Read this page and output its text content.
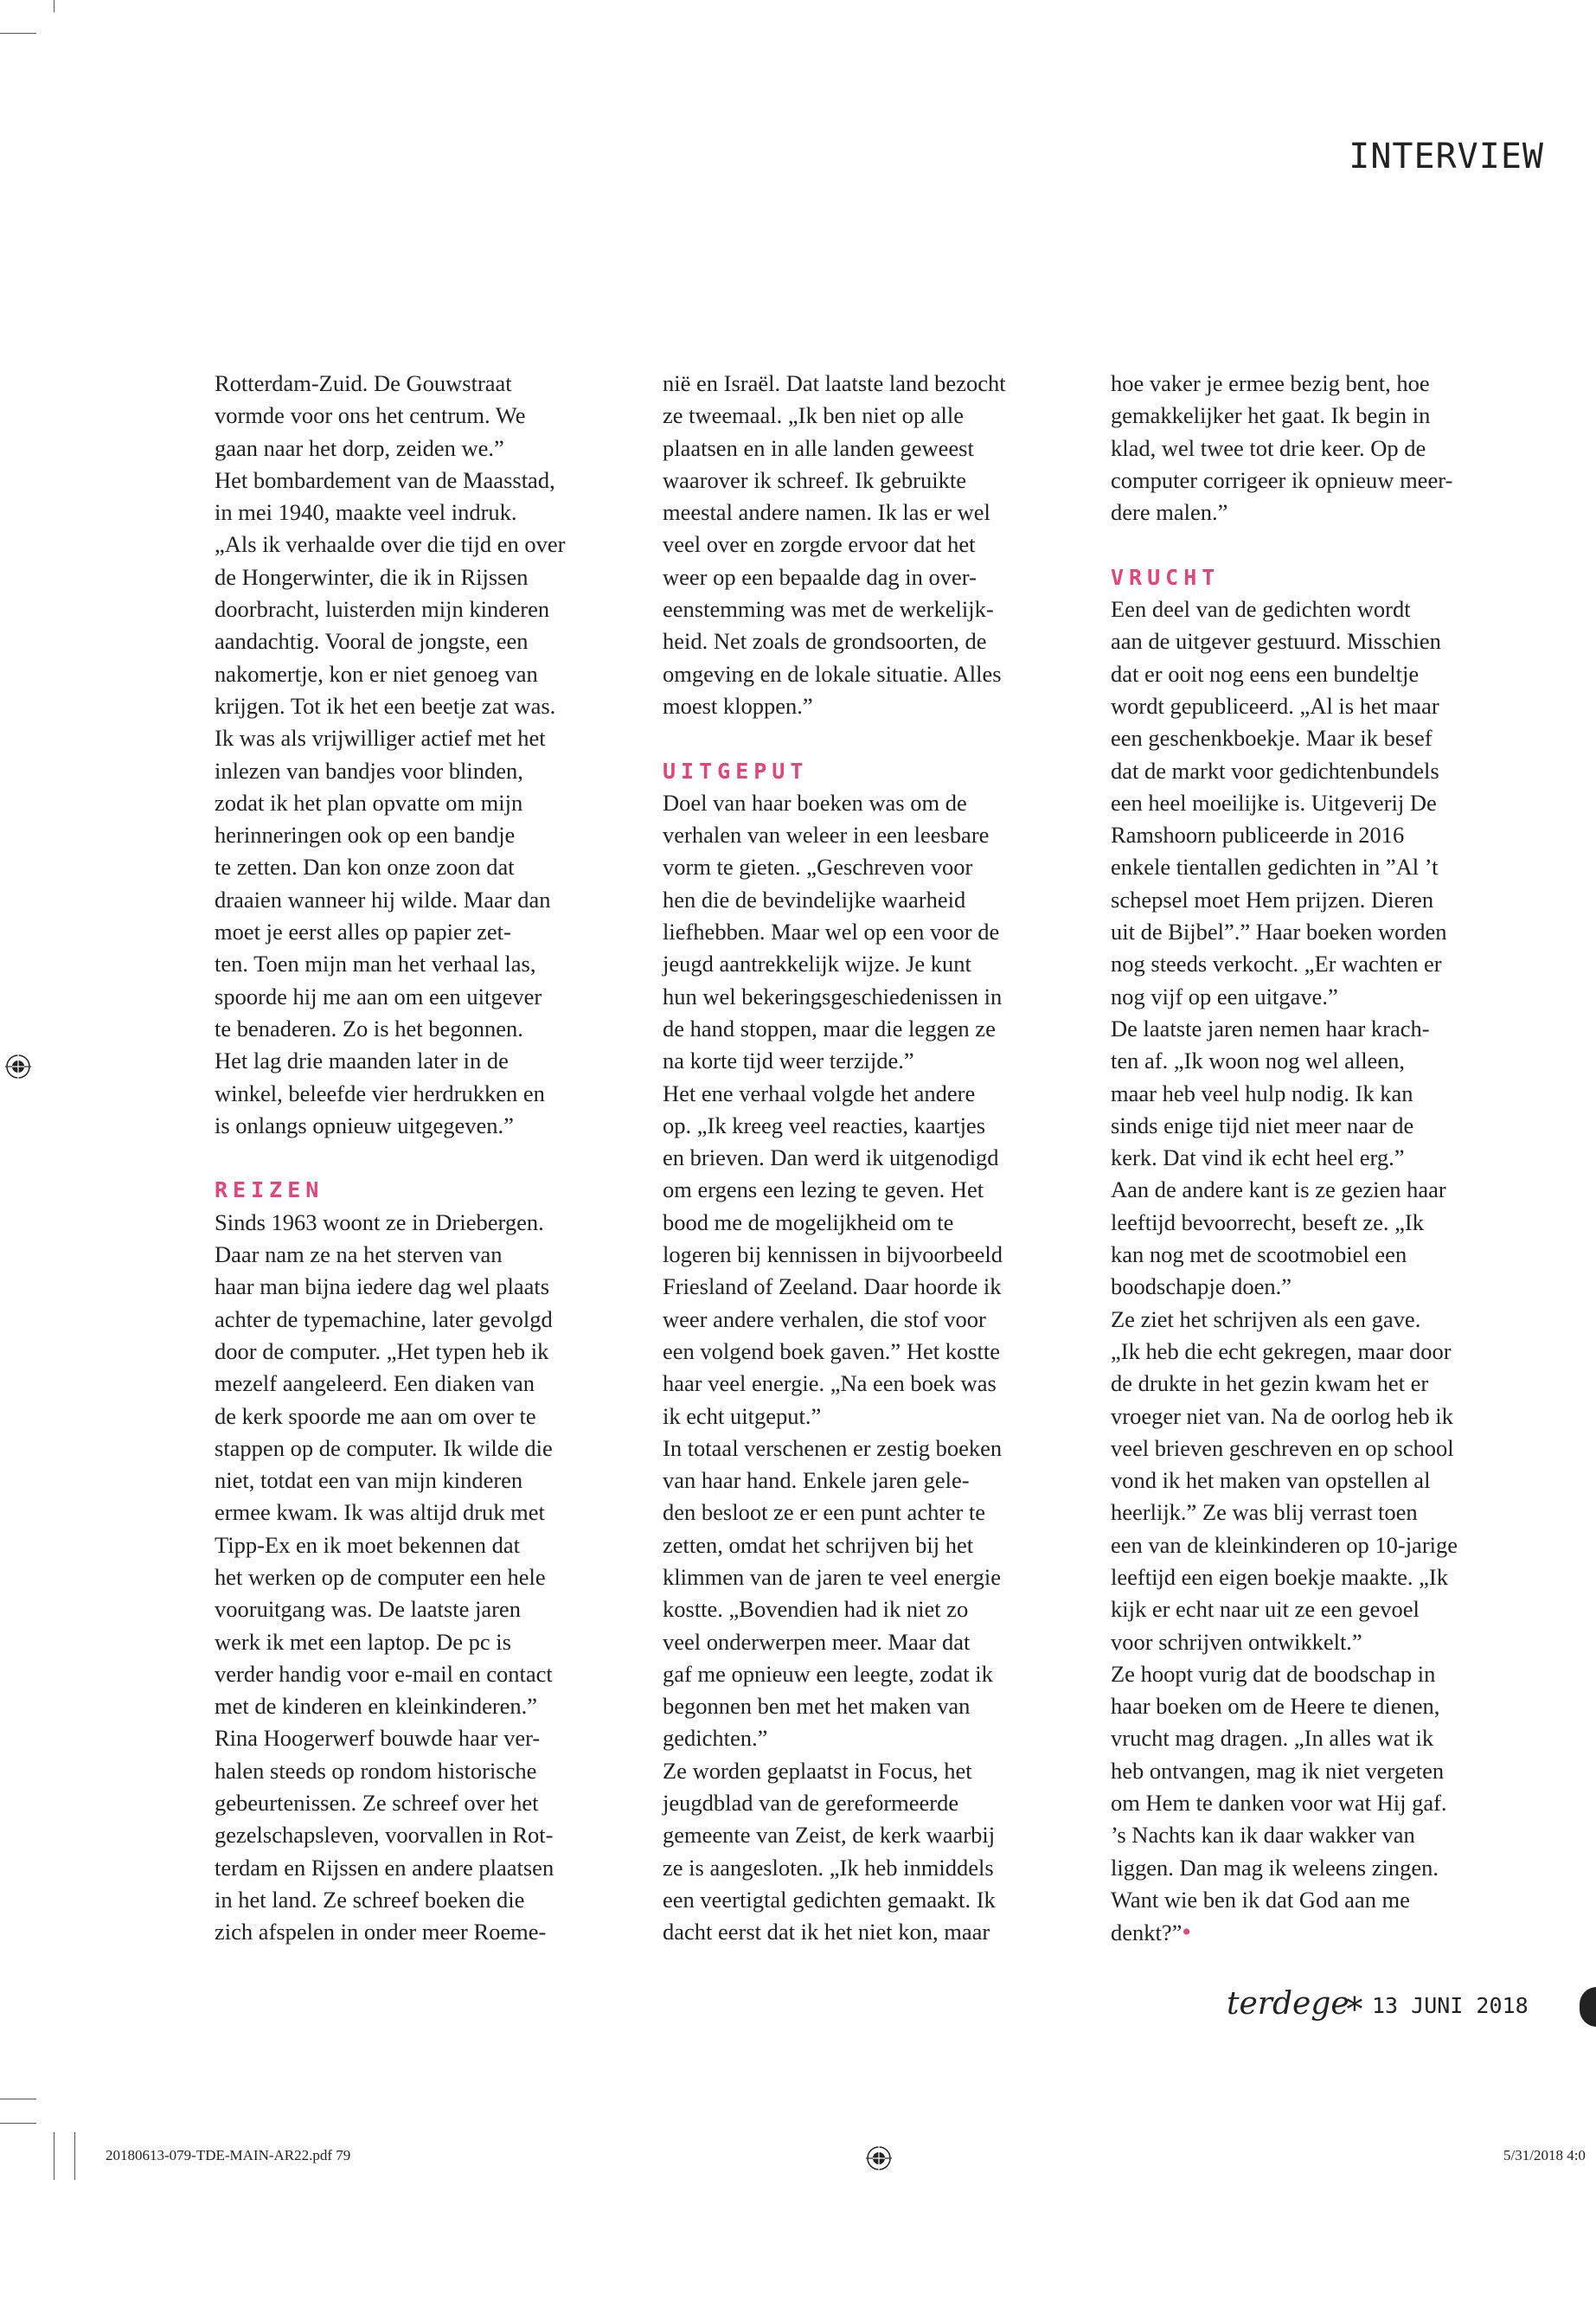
INTERVIEW
Rotterdam-Zuid. De Gouwstraat
vormde voor ons het centrum. We
gaan naar het dorp, zeiden we.”
Het bombardement van de Maasstad,
in mei 1940, maakte veel indruk.
„Als ik verhaalde over die tijd en over
de Hongerwinter, die ik in Rijssen
doorbracht, luisterden mijn kinderen
aandachtig. Vooral de jongste, een
nakomertje, kon er niet genoeg van
krijgen. Tot ik het een beetje zat was.
Ik was als vrijwilliger actief met het
inlezen van bandjes voor blinden,
zodat ik het plan opvatte om mijn
herinneringen ook op een bandje
te zetten. Dan kon onze zoon dat
draaien wanneer hij wilde. Maar dan
moet je eerst alles op papier zet-
ten. Toen mijn man het verhaal las,
spoorde hij me aan om een uitgever
te benaderen. Zo is het begonnen.
Het lag drie maanden later in de
winkel, beleefde vier herdrukken en
is onlangs opnieuw uitgegeven.”
REIZEN
Sinds 1963 woont ze in Driebergen.
Daar nam ze na het sterven van
haar man bijna iedere dag wel plaats
achter de typemachine, later gevolgd
door de computer. „Het typen heb ik
mezelf aangeleerd. Een diaken van
de kerk spoorde me aan om over te
stappen op de computer. Ik wilde die
niet, totdat een van mijn kinderen
ermee kwam. Ik was altijd druk met
Tipp-Ex en ik moet bekennen dat
het werken op de computer een hele
vooruitgang was. De laatste jaren
werk ik met een laptop. De pc is
verder handig voor e-mail en contact
met de kinderen en kleinkinderen.”
Rina Hoogerwerf bouwde haar ver-
halen steeds op rondom historische
gebeurtenissen. Ze schreef over het
gezelschapsleven, voorvallen in Rot-
terdam en Rijssen en andere plaatsen
in het land. Ze schreef boeken die
zich afspelen in onder meer Roeme-
nië en Israël. Dat laatste land bezocht
ze tweemaal. „Ik ben niet op alle
plaatsen en in alle landen geweest
waarover ik schreef. Ik gebruikte
meestal andere namen. Ik las er wel
veel over en zorgde ervoor dat het
weer op een bepaalde dag in over-
eenstemming was met de werkelijk-
heid. Net zoals de grondsoorten, de
omgeving en de lokale situatie. Alles
moest kloppen.”
UITGEPUT
Doel van haar boeken was om de
verhalen van weleer in een leesbare
vorm te gieten. „Geschreven voor
hen die de bevindelijke waarheid
liefhebben. Maar wel op een voor de
jeugd aantrekkelijk wijze. Je kunt
hun wel bekeringsgeschiedenissen in
de hand stoppen, maar die leggen ze
na korte tijd weer terzijde.”
Het ene verhaal volgde het andere
op. „Ik kreeg veel reacties, kaartjes
en brieven. Dan werd ik uitgenodigd
om ergens een lezing te geven. Het
bood me de mogelijkheid om te
logeren bij kennissen in bijvoorbeeld
Friesland of Zeeland. Daar hoorde ik
weer andere verhalen, die stof voor
een volgend boek gaven.” Het kostte
haar veel energie. „Na een boek was
ik echt uitgeput.”
In totaal verschenen er zestig boeken
van haar hand. Enkele jaren gele-
den besloot ze er een punt achter te
zetten, omdat het schrijven bij het
klimmen van de jaren te veel energie
kostte. „Bovendien had ik niet zo
veel onderwerpen meer. Maar dat
gaf me opnieuw een leegte, zodat ik
begonnen ben met het maken van
gedichten.”
Ze worden geplaatst in Focus, het
jeugdblad van de gereformeerde
gemeente van Zeist, de kerk waarbij
ze is aangesloten. „Ik heb inmiddels
een veertigtal gedichten gemaakt. Ik
dacht eerst dat ik het niet kon, maar
hoe vaker je ermee bezig bent, hoe
gemakkelijker het gaat. Ik begin in
klad, wel twee tot drie keer. Op de
computer corrigeer ik opnieuw meer-
dere malen.”
VRUCHT
Een deel van de gedichten wordt
aan de uitgever gestuurd. Misschien
dat er ooit nog eens een bundeltje
wordt gepubliceerd. „Al is het maar
een geschenkboekje. Maar ik besef
dat de markt voor gedichtenbundels
een heel moeilijke is. Uitgeverij De
Ramshoorn publiceerde in 2016
enkele tientallen gedichten in ”Al ’t
schepsel moet Hem prijzen. Dieren
uit de Bijbel”.” Haar boeken worden
nog steeds verkocht. „Er wachten er
nog vijf op een uitgave.”
De laatste jaren nemen haar krach-
ten af. „Ik woon nog wel alleen,
maar heb veel hulp nodig. Ik kan
sinds enige tijd niet meer naar de
kerk. Dat vind ik echt heel erg.”
Aan de andere kant is ze gezien haar
leeftijd bevoorrecht, beseft ze. „Ik
kan nog met de scootmobiel een
boodschapje doen.”
Ze ziet het schrijven als een gave.
„Ik heb die echt gekregen, maar door
de drukte in het gezin kwam het er
vroeger niet van. Na de oorlog heb ik
veel brieven geschreven en op school
vond ik het maken van opstellen al
heerlijk.” Ze was blij verrast toen
een van de kleinkinderen op 10-jarige
leeftijd een eigen boekje maakte. „Ik
kijk er echt naar uit ze een gevoel
voor schrijven ontwikkelt.”
Ze hoopt vurig dat de boodschap in
haar boeken om de Heere te dienen,
vrucht mag dragen. „In alles wat ik
heb ontvangen, mag ik niet vergeten
om Hem te danken voor wat Hij gaf.
’s Nachts kan ik daar wakker van
liggen. Dan mag ik weleens zingen.
Want wie ben ik dat God aan me
denkt?”•
terdege
∗ 13 JUNI 2018
20180613-079-TDE-MAIN-AR22.pdf 79	5/31/2018 4:0
